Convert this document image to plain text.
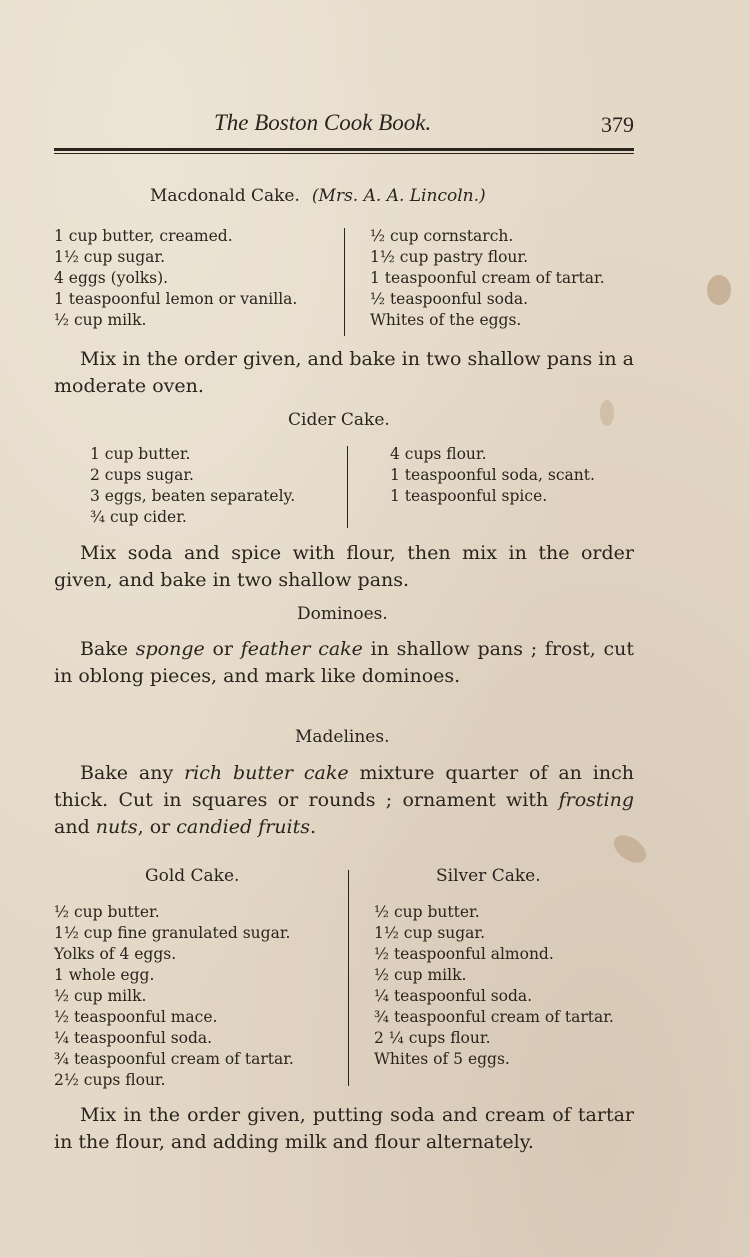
The Boston Cook Book.	379
Macdonald Cake. (Mrs. A. A. Lincoln.)
1 cup butter, creamed.
1½ cup sugar.
4 eggs (yolks).
1 teaspoonful lemon or vanilla.
½ cup milk.
½ cup cornstarch.
1½ cup pastry flour.
1 teaspoonful cream of tartar.
½ teaspoonful soda.
Whites of the eggs.
Mix in the order given, and bake in two shallow pans in a moderate oven.
Cider Cake.
1 cup butter.
2 cups sugar.
3 eggs, beaten separately.
¾ cup cider.
4 cups flour.
1 teaspoonful soda, scant.
1 teaspoonful spice.
Mix soda and spice with flour, then mix in the order given, and bake in two shallow pans.
Dominoes.
Bake sponge or feather cake in shallow pans ; frost, cut in oblong pieces, and mark like dominoes.
Madelines.
Bake any rich butter cake mixture quarter of an inch thick. Cut in squares or rounds ; ornament with frosting and nuts, or candied fruits.
Gold Cake.	Silver Cake.
½ cup butter.
1½ cup fine granulated sugar.
Yolks of 4 eggs.
1 whole egg.
½ cup milk.
½ teaspoonful mace.
¼ teaspoonful soda.
¾ teaspoonful cream of tartar.
2½ cups flour.
½ cup butter.
1½ cup sugar.
½ teaspoonful almond.
½ cup milk.
¼ teaspoonful soda.
¾ teaspoonful cream of tartar.
2 ¼ cups flour.
Whites of 5 eggs.
Mix in the order given, putting soda and cream of tartar in the flour, and adding milk and flour alternately.
